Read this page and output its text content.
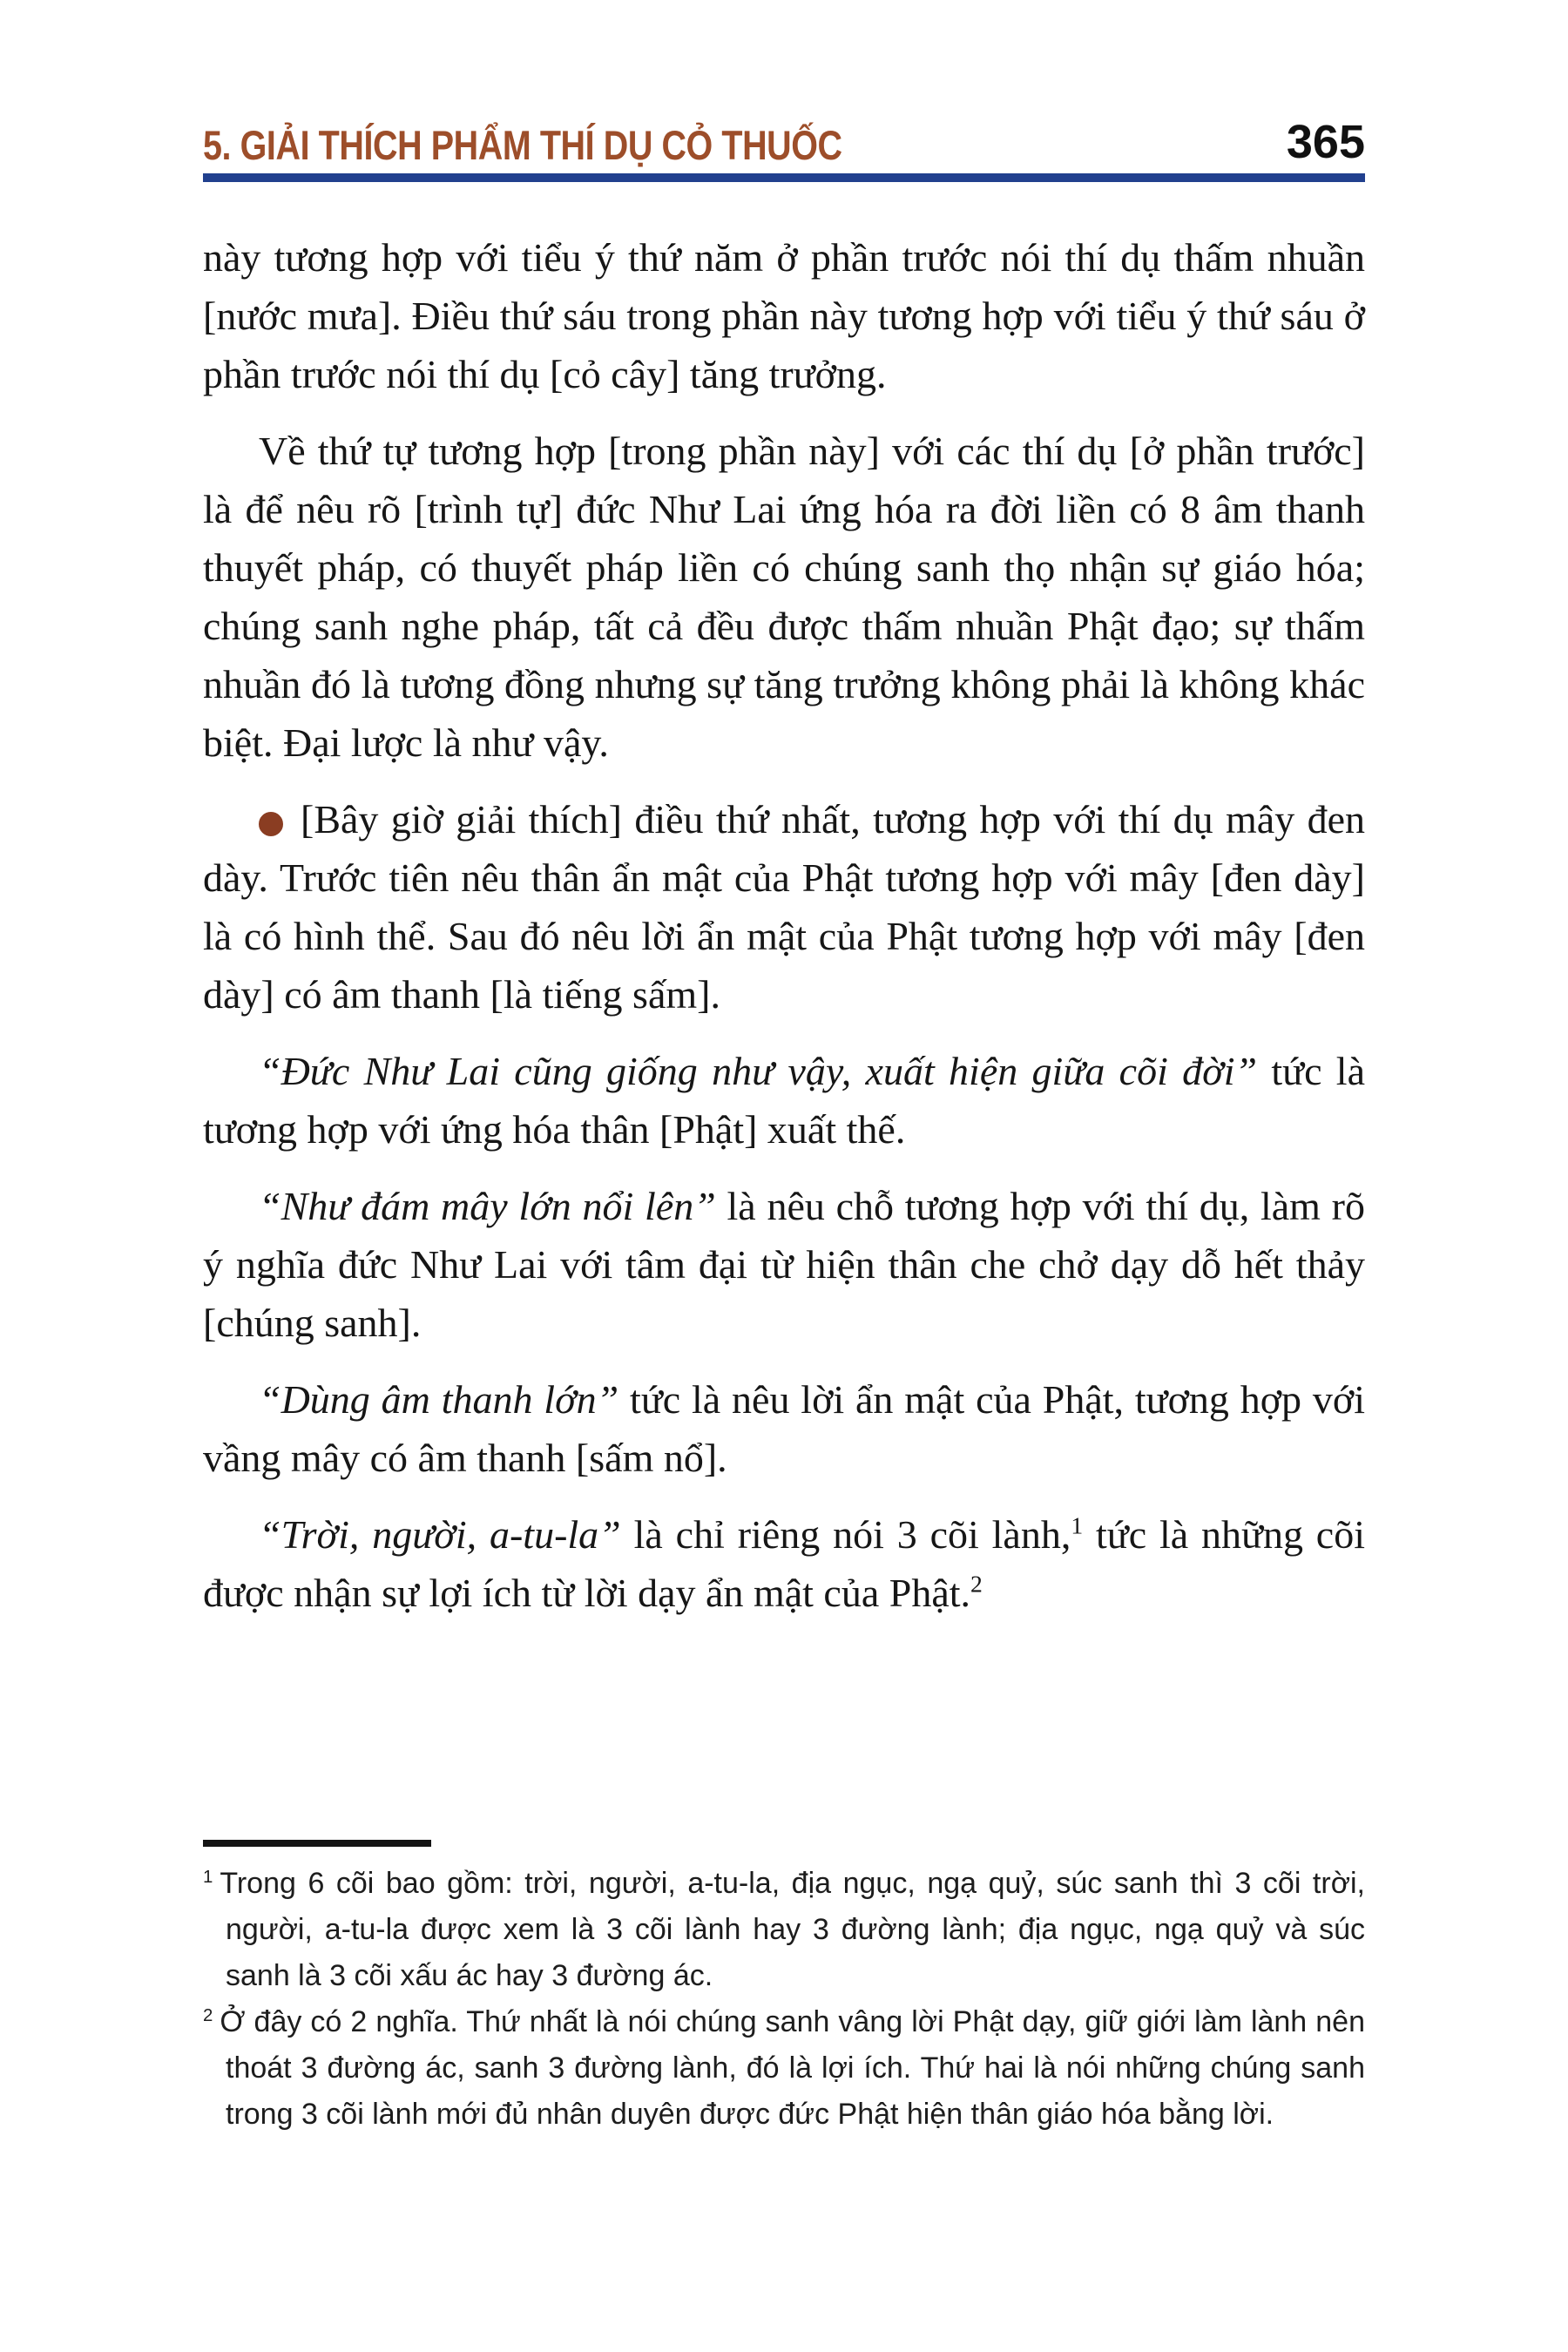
5. GIẢI THÍCH PHẨM THÍ DỤ CỎ THUỐC	365

này tương hợp với tiểu ý thứ năm ở phần trước nói thí dụ thấm nhuần [nước mưa]. Điều thứ sáu trong phần này tương hợp với tiểu ý thứ sáu ở phần trước nói thí dụ [cỏ cây] tăng trưởng.

Về thứ tự tương hợp [trong phần này] với các thí dụ [ở phần trước] là để nêu rõ [trình tự] đức Như Lai ứng hóa ra đời liền có 8 âm thanh thuyết pháp, có thuyết pháp liền có chúng sanh thọ nhận sự giáo hóa; chúng sanh nghe pháp, tất cả đều được thấm nhuần Phật đạo; sự thấm nhuần đó là tương đồng nhưng sự tăng trưởng không phải là không khác biệt. Đại lược là như vậy.

[Bây giờ giải thích] điều thứ nhất, tương hợp với thí dụ mây đen dày. Trước tiên nêu thân ẩn mật của Phật tương hợp với mây [đen dày] là có hình thể. Sau đó nêu lời ẩn mật của Phật tương hợp với mây [đen dày] có âm thanh [là tiếng sấm].

“Đức Như Lai cũng giống như vậy, xuất hiện giữa cõi đời” tức là tương hợp với ứng hóa thân [Phật] xuất thế.

“Như đám mây lớn nổi lên” là nêu chỗ tương hợp với thí dụ, làm rõ ý nghĩa đức Như Lai với tâm đại từ hiện thân che chở dạy dỗ hết thảy [chúng sanh].

“Dùng âm thanh lớn” tức là nêu lời ẩn mật của Phật, tương hợp với vầng mây có âm thanh [sấm nổ].

“Trời, người, a-tu-la” là chỉ riêng nói 3 cõi lành,$^1$ tức là những cõi được nhận sự lợi ích từ lời dạy ẩn mật của Phật.$^2$

$^1$ Trong 6 cõi bao gồm: trời, người, a-tu-la, địa ngục, ngạ quỷ, súc sanh thì 3 cõi trời, người, a-tu-la được xem là 3 cõi lành hay 3 đường lành; địa ngục, ngạ quỷ và súc sanh là 3 cõi xấu ác hay 3 đường ác.
$^2$ Ở đây có 2 nghĩa. Thứ nhất là nói chúng sanh vâng lời Phật dạy, giữ giới làm lành nên thoát 3 đường ác, sanh 3 đường lành, đó là lợi ích. Thứ hai là nói những chúng sanh trong 3 cõi lành mới đủ nhân duyên được đức Phật hiện thân giáo hóa bằng lời.
